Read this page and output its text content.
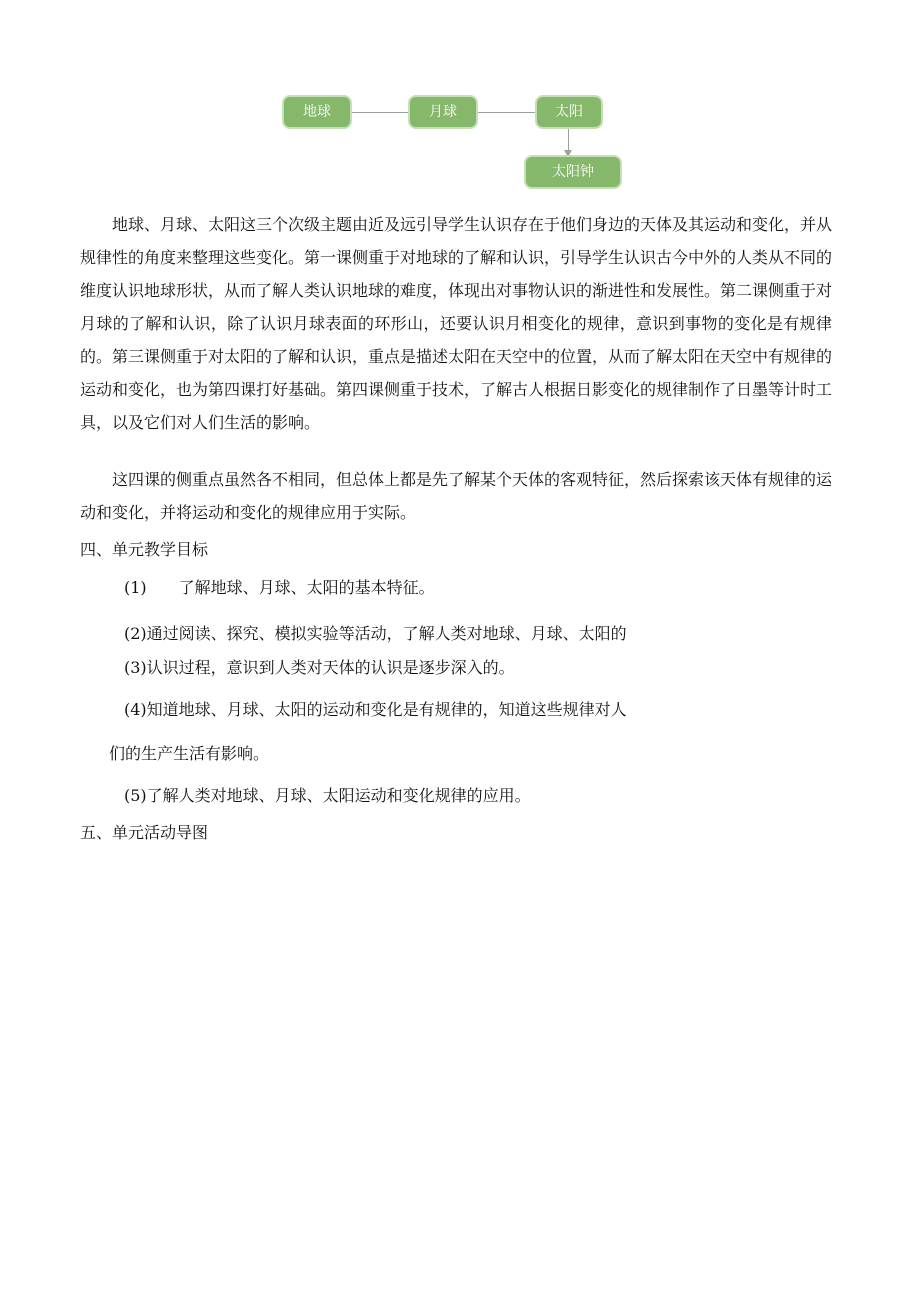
地球	月球	太阳
太阳钟

地球、月球、太阳这三个次级主题由近及远引导学生认识存在于他们身边的天体及其运动和变化，并从规律性的角度来整理这些变化。第一课侧重于对地球的了解和认识，引导学生认识古今中外的人类从不同的维度认识地球形状，从而了解人类认识地球的难度，体现出对事物认识的渐进性和发展性。第二课侧重于对月球的了解和认识，除了认识月球表面的环形山，还要认识月相变化的规律，意识到事物的变化是有规律的。第三课侧重于对太阳的了解和认识，重点是描述太阳在天空中的位置，从而了解太阳在天空中有规律的运动和变化，也为第四课打好基础。第四课侧重于技术，了解古人根据日影变化的规律制作了日墨等计时工具，以及它们对人们生活的影响。

这四课的侧重点虽然各不相同，但总体上都是先了解某个天体的客观特征，然后探索该天体有规律的运动和变化，并将运动和变化的规律应用于实际。

四、单元教学目标
(1)　　了解地球、月球、太阳的基本特征。
(2)通过阅读、探究、模拟实验等活动，了解人类对地球、月球、太阳的
(3)认识过程，意识到人类对天体的认识是逐步深入的。
(4)知道地球、月球、太阳的运动和变化是有规律的，知道这些规律对人
们的生产生活有影响。
(5)了解人类对地球、月球、太阳运动和变化规律的应用。
五、单元活动导图
